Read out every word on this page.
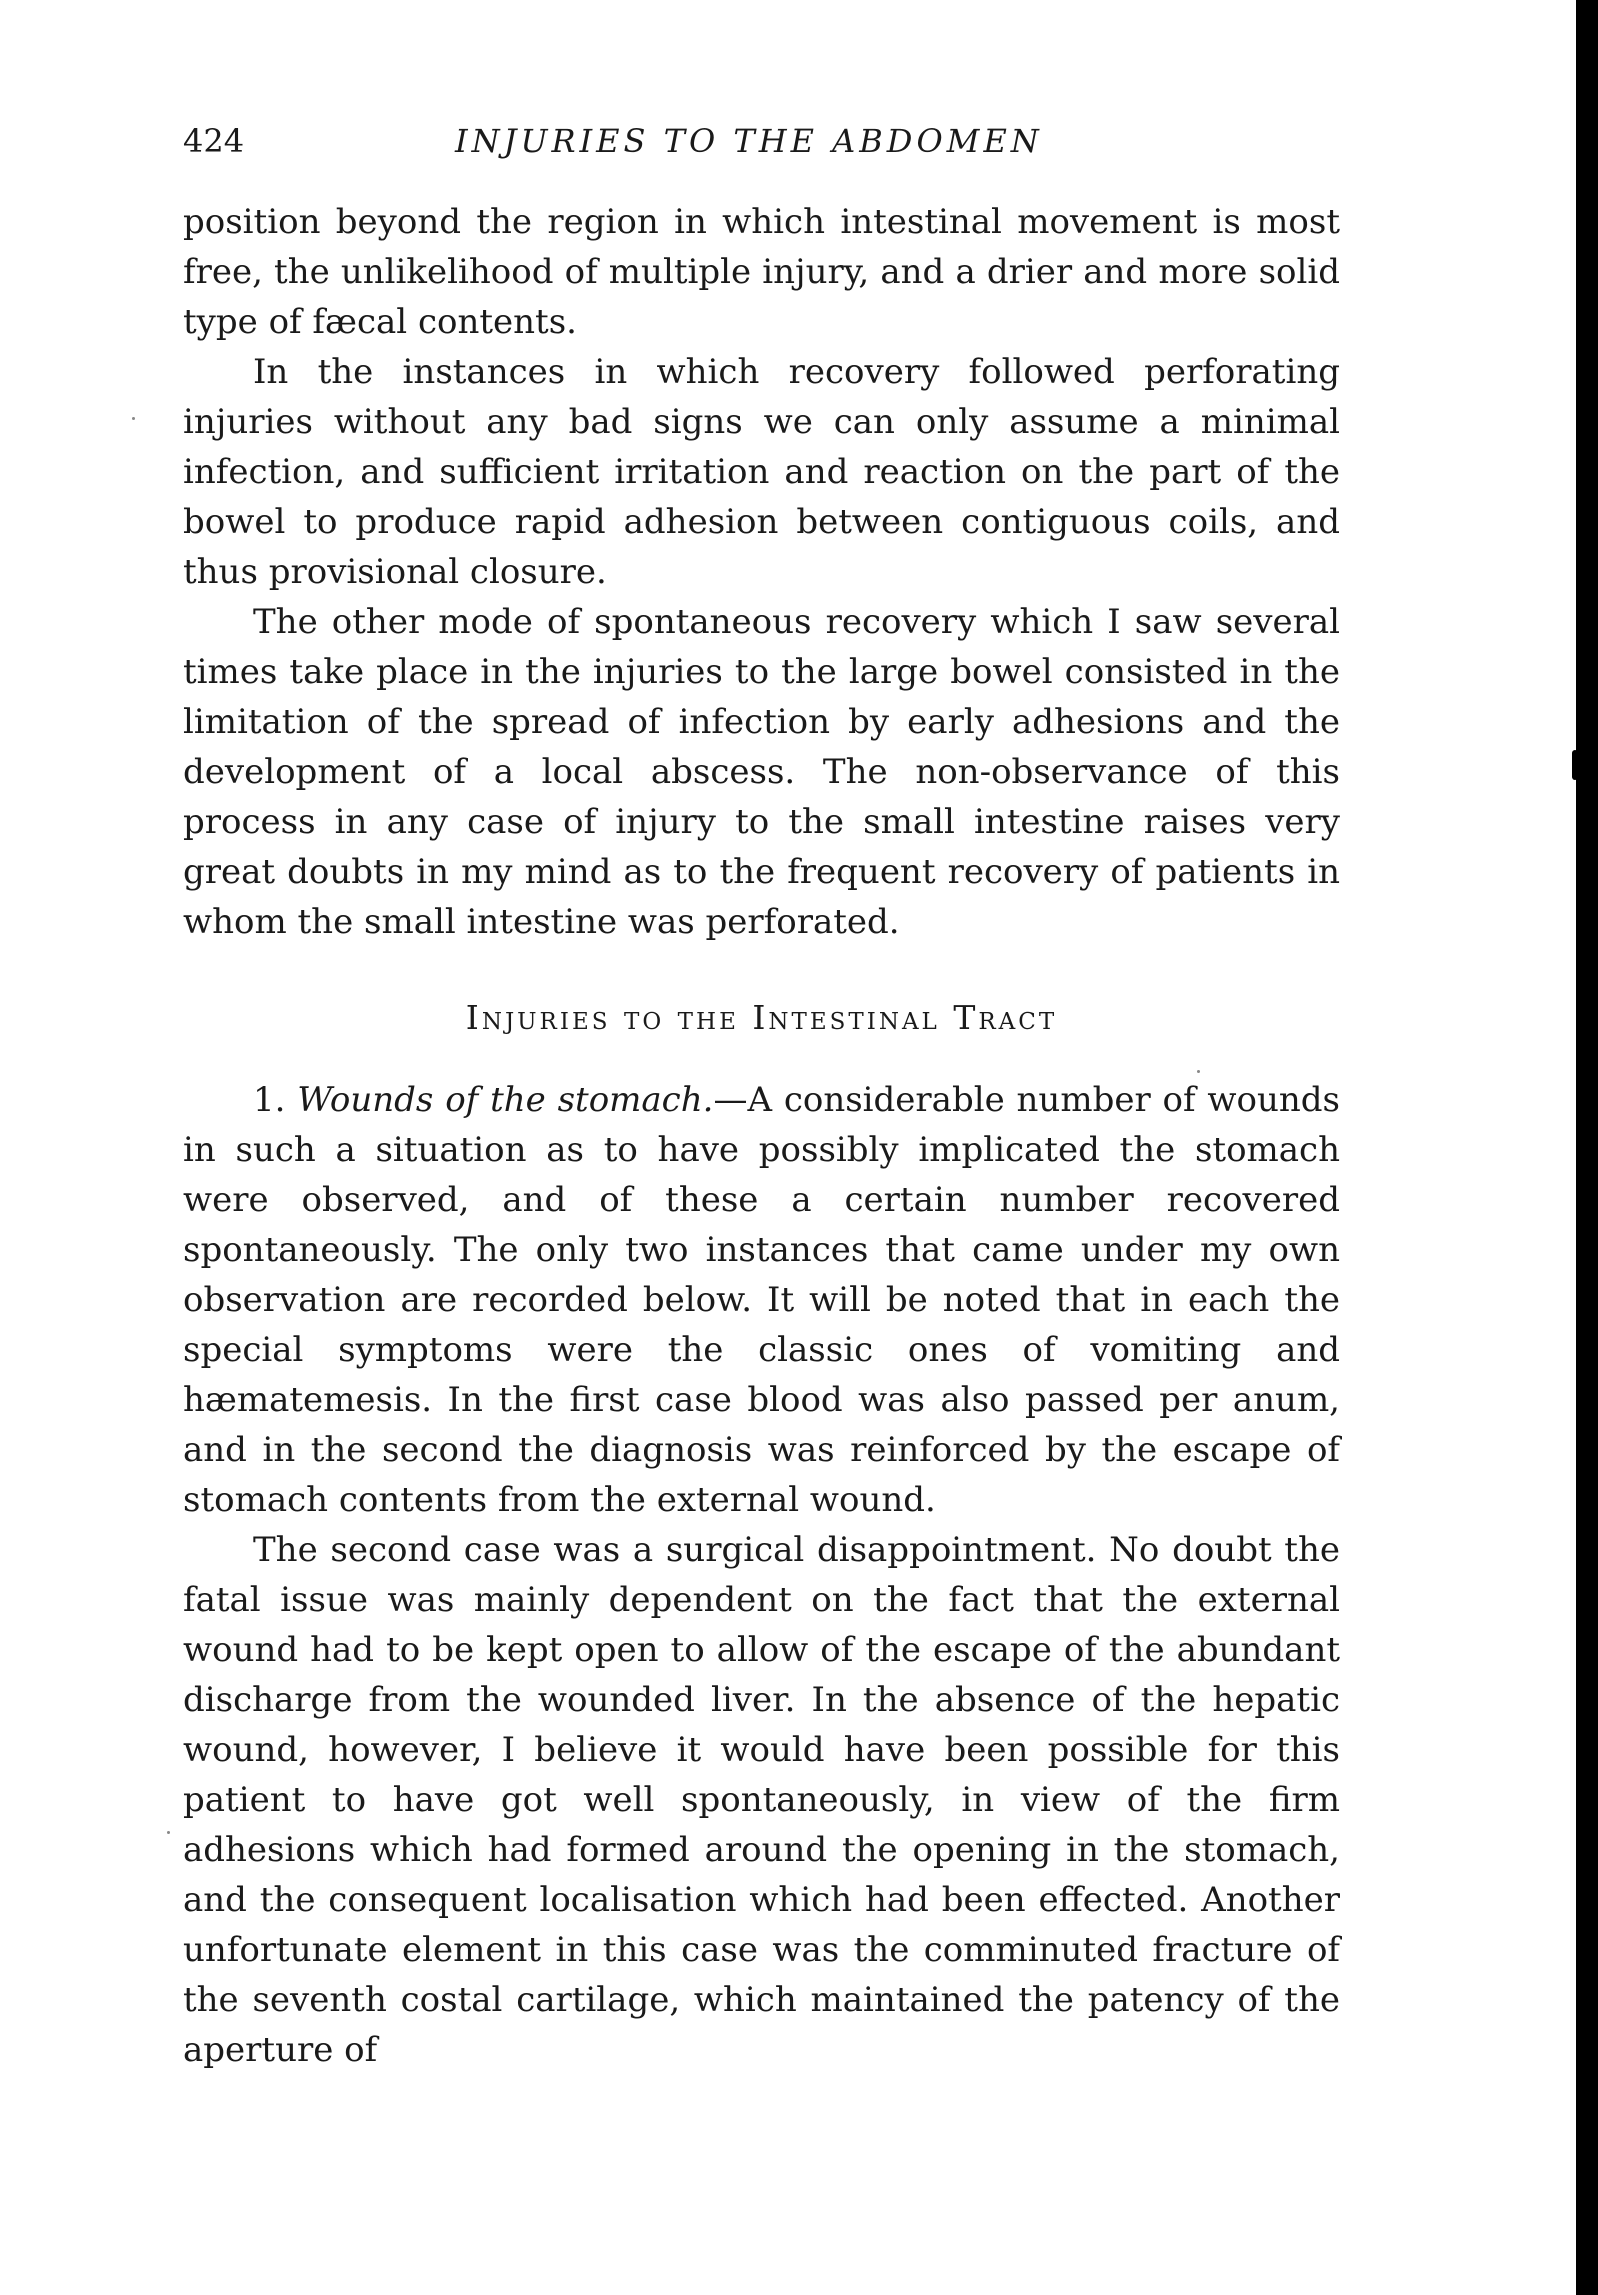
424	INJURIES TO THE ABDOMEN

position beyond the region in which intestinal movement is most free, the unlikelihood of multiple injury, and a drier and more solid type of fæcal contents.

In the instances in which recovery followed perforating injuries without any bad signs we can only assume a minimal infection, and sufficient irritation and reaction on the part of the bowel to produce rapid adhesion between contiguous coils, and thus provisional closure.

The other mode of spontaneous recovery which I saw several times take place in the injuries to the large bowel consisted in the limitation of the spread of infection by early adhesions and the development of a local abscess. The non-observance of this process in any case of injury to the small intestine raises very great doubts in my mind as to the frequent recovery of patients in whom the small intestine was perforated.

Injuries to the Intestinal Tract

1. Wounds of the stomach.—A considerable number of wounds in such a situation as to have possibly implicated the stomach were observed, and of these a certain number recovered spontaneously. The only two instances that came under my own observation are recorded below. It will be noted that in each the special symptoms were the classic ones of vomiting and hæmatemesis. In the first case blood was also passed per anum, and in the second the diagnosis was reinforced by the escape of stomach contents from the external wound.

The second case was a surgical disappointment. No doubt the fatal issue was mainly dependent on the fact that the external wound had to be kept open to allow of the escape of the abundant discharge from the wounded liver. In the absence of the hepatic wound, however, I believe it would have been possible for this patient to have got well spontaneously, in view of the firm adhesions which had formed around the opening in the stomach, and the consequent localisation which had been effected. Another unfortunate element in this case was the comminuted fracture of the seventh costal cartilage, which maintained the patency of the aperture of
